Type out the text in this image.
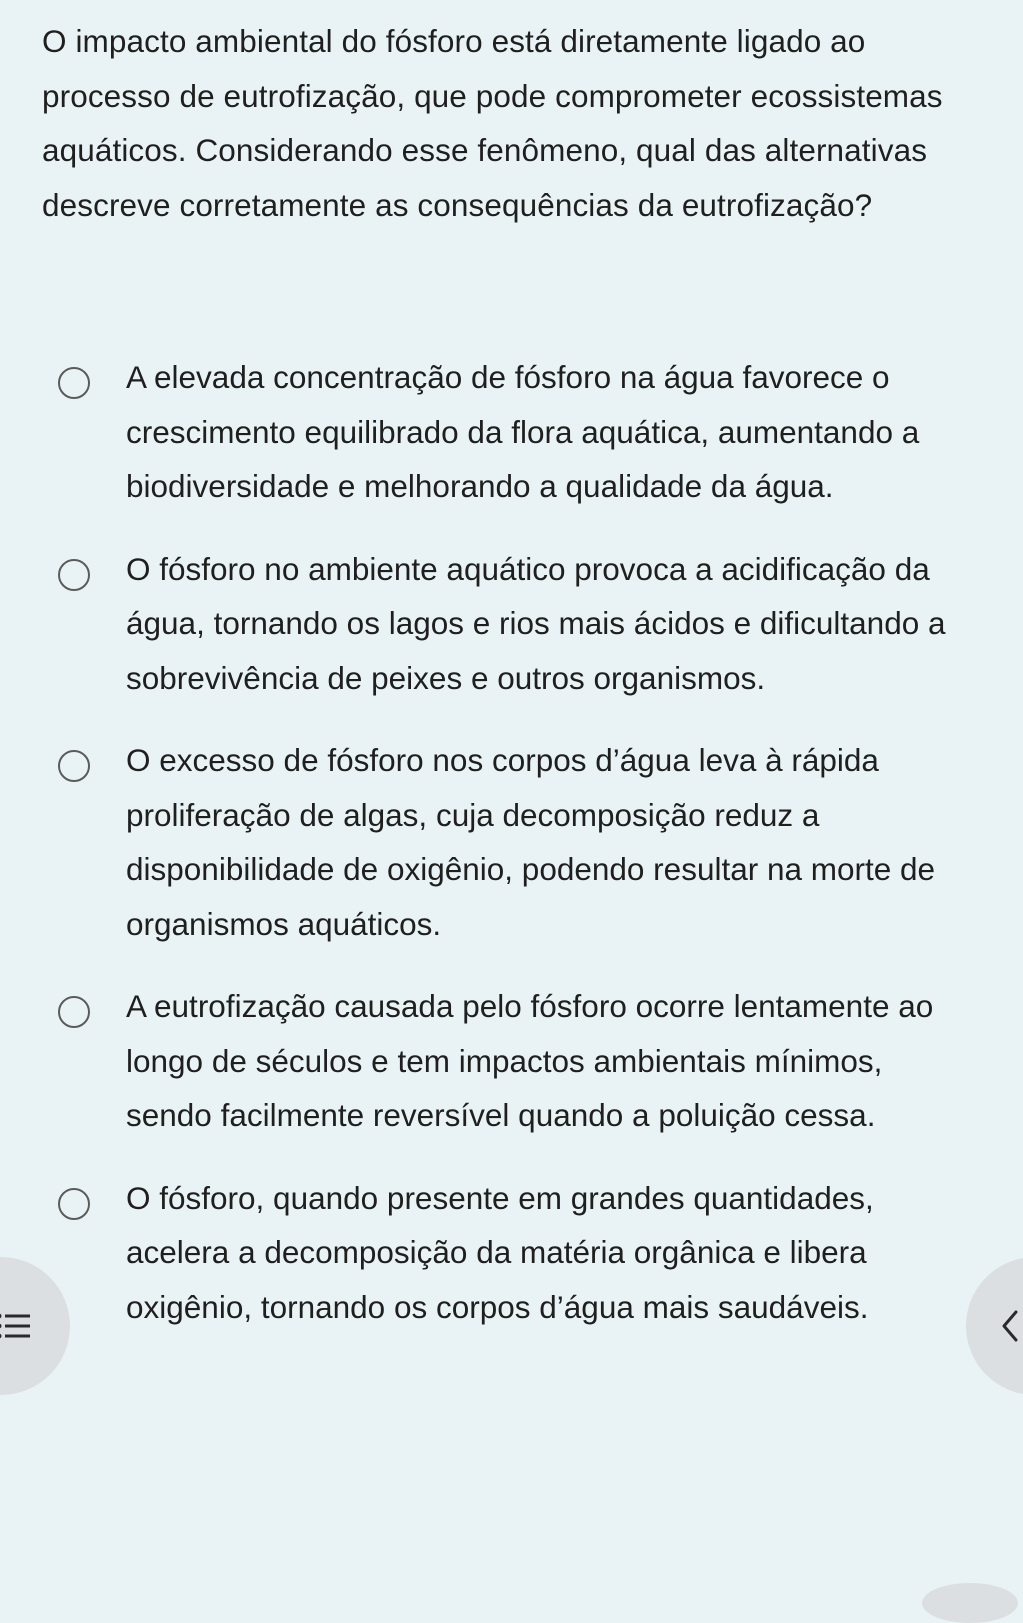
O impacto ambiental do fósforo está diretamente ligado ao processo de eutrofização, que pode comprometer ecossistemas aquáticos. Considerando esse fenômeno, qual das alternativas descreve corretamente as consequências da eutrofização?

A elevada concentração de fósforo na água favorece o crescimento equilibrado da flora aquática, aumentando a biodiversidade e melhorando a qualidade da água.
O fósforo no ambiente aquático provoca a acidificação da água, tornando os lagos e rios mais ácidos e dificultando a sobrevivência de peixes e outros organismos.
O excesso de fósforo nos corpos d’água leva à rápida proliferação de algas, cuja decomposição reduz a disponibilidade de oxigênio, podendo resultar na morte de organismos aquáticos.
A eutrofização causada pelo fósforo ocorre lentamente ao longo de séculos e tem impactos ambientais mínimos, sendo facilmente reversível quando a poluição cessa.
O fósforo, quando presente em grandes quantidades, acelera a decomposição da matéria orgânica e libera oxigênio, tornando os corpos d’água mais saudáveis.
